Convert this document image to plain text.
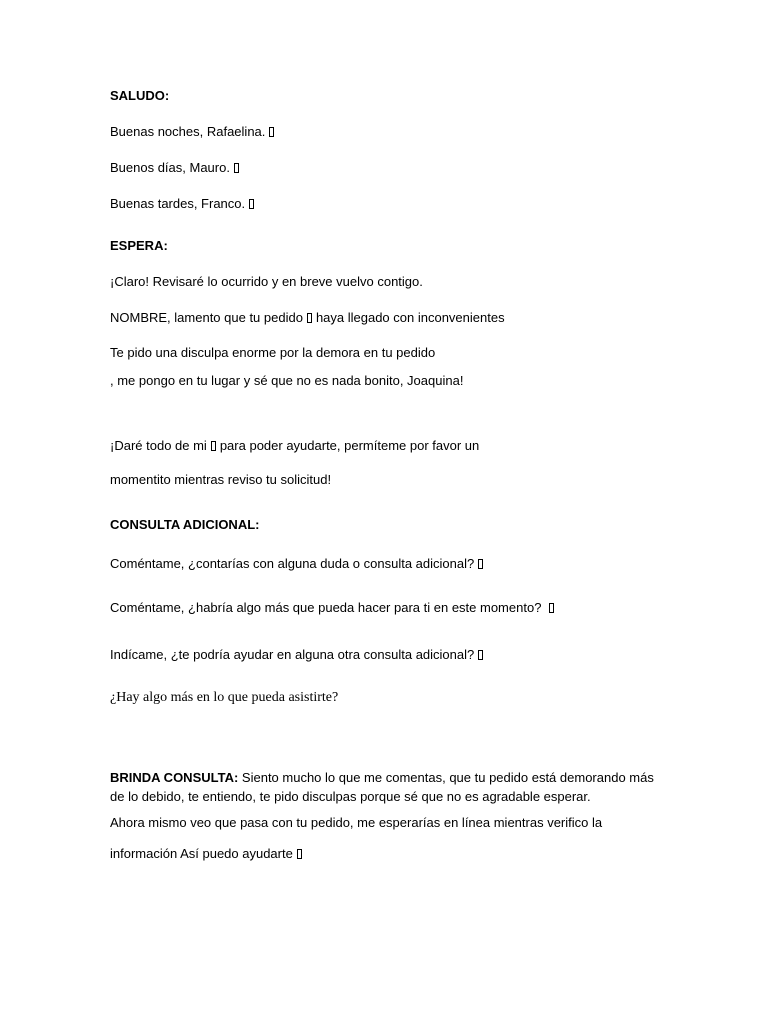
SALUDO:
Buenas noches, Rafaelina.
Buenos días, Mauro.
Buenas tardes, Franco.
ESPERA:
¡Claro! Revisaré lo ocurrido y en breve vuelvo contigo.
NOMBRE, lamento que tu pedido haya llegado con inconvenientes
Te pido una disculpa enorme por la demora en tu pedido
, me pongo en tu lugar y sé que no es nada bonito, Joaquina!
¡Daré todo de mi para poder ayudarte, permíteme por favor un
momentito mientras reviso tu solicitud!
CONSULTA ADICIONAL:
Coméntame, ¿contarías con alguna duda o consulta adicional?
Coméntame, ¿habría algo más que pueda hacer para ti en este momento?
Indícame, ¿te podría ayudar en alguna otra consulta adicional?
¿Hay algo más en lo que pueda asistirte?
BRINDA CONSULTA: Siento mucho lo que me comentas, que tu pedido está demorando más
de lo debido, te entiendo, te pido disculpas porque sé que no es agradable esperar.
Ahora mismo veo que pasa con tu pedido, me esperarías en línea mientras verifico la
información Así puedo ayudarte
